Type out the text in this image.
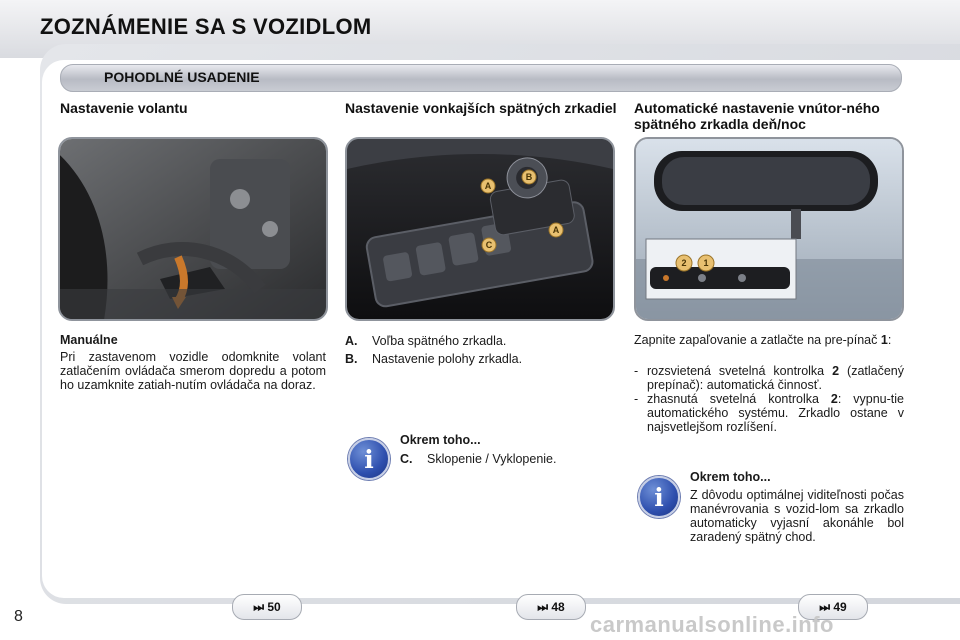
ZOZNÁMENIE SA S VOZIDLOM
POHODLNÉ USADENIE
Nastavenie volantu
Manuálne
Pri zastavenom vozidle odomknite volant zatlačením ovládača smerom dopredu a potom ho uzamknite zatiah-nutím ovládača na doraz.
Nastavenie vonkajších spätných zrkadiel
A
B
A
C
A.	Voľba spätného zrkadla.
B.	Nastavenie polohy zrkadla.
i
Okrem toho...
C.	Sklopenie / Vyklopenie.
Automatické nastavenie vnútor-ného spätného zrkadla deň/noc
2 1
Zapnite zapaľovanie a zatlačte na pre-pínač 1:
- rozsvietená svetelná kontrolka 2 (zatlačený prepínač): automatická činnosť.
- zhasnutá svetelná kontrolka 2: vypnu-tie automatického systému. Zrkadlo ostane v najsvetlejšom rozlíšení.
i
Okrem toho...
Z dôvodu optimálnej viditeľnosti počas manévrovania s vozid-lom sa zrkadlo automaticky vyjasní akonáhle bol zaradený spätný chod.
⏭ 50	⏭ 48	⏭ 49
8	carmanualsonline.info
